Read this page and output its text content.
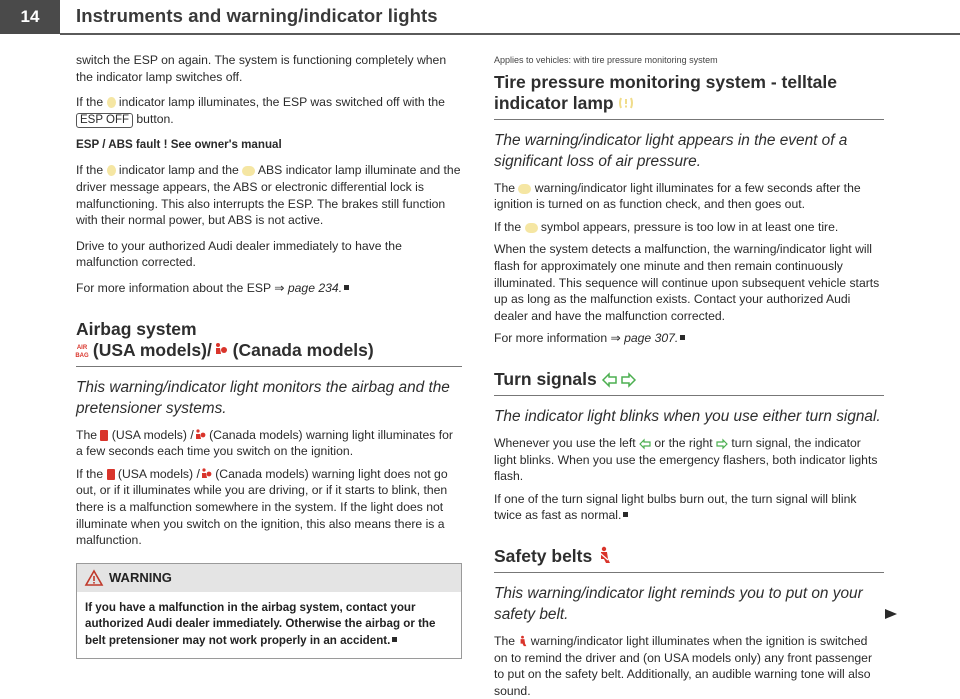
14	Instruments and warning/indicator lights

switch the ESP on again. The system is functioning completely when the indicator lamp switches off.

If the  indicator lamp illuminates, the ESP was switched off with the ESP OFF button.

ESP / ABS fault ! See owner's manual

If the  indicator lamp and the  ABS indicator lamp illuminate and the driver message appears, the ABS or electronic differential lock is malfunctioning. This also interrupts the ESP. The brakes still function with their normal power, but ABS is not active.

Drive to your authorized Audi dealer immediately to have the malfunction corrected.

For more information about the ESP ⇒ page 234.

Airbag system

AIR
BAG (USA models)/ (Canada models)

This warning/indicator light monitors the airbag and the pretensioner systems.

The  (USA models) / (Canada models) warning light illuminates for a few seconds each time you switch on the ignition.

If the  (USA models) / (Canada models) warning light does not go out, or if it illuminates while you are driving, or if it starts to blink, then there is a malfunction somewhere in the system. If the light does not illuminate when you switch on the ignition, this also means there is a malfunction.

WARNING
If you have a malfunction in the airbag system, contact your authorized Audi dealer immediately. Otherwise the airbag or the belt pretensioner may not work properly in an accident.

Applies to vehicles: with tire pressure monitoring system

Tire pressure monitoring system - telltale indicator lamp

The warning/indicator light appears in the event of a significant loss of air pressure.

The  warning/indicator light illuminates for a few seconds after the ignition is turned on as function check, and then goes out.

If the  symbol appears, pressure is too low in at least one tire.

When the system detects a malfunction, the warning/indicator light will flash for approximately one minute and then remain continuously illuminated. This sequence will continue upon subsequent vehicle starts up as long as the malfunction exists. Contact your authorized Audi dealer and have the malfunction corrected.

For more information ⇒ page 307.

Turn signals

The indicator light blinks when you use either turn signal.

Whenever you use the left  or the right  turn signal, the indicator light blinks. When you use the emergency flashers, both indicator lights flash.

If one of the turn signal light bulbs burn out, the turn signal will blink twice as fast as normal.

Safety belts

This warning/indicator light reminds you to put on your safety belt.

The  warning/indicator light illuminates when the ignition is switched on to remind the driver and (on USA models only) any front passenger to put on the safety belt. Additionally, an audible warning tone will also sound.
